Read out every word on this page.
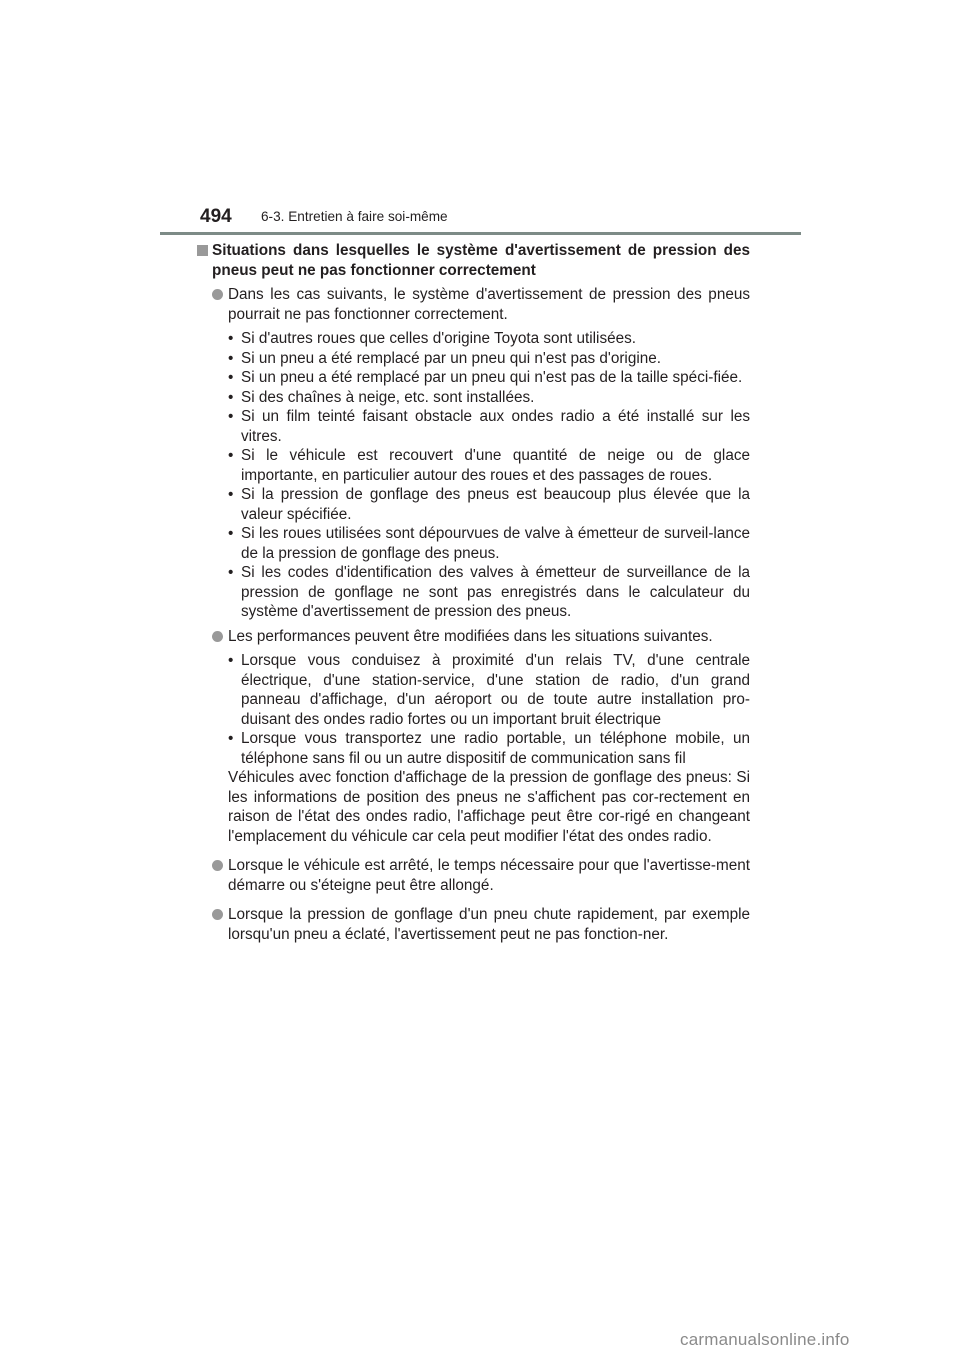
494 6-3. Entretien à faire soi-même
Situations dans lesquelles le système d'avertissement de pression des pneus peut ne pas fonctionner correctement

Dans les cas suivants, le système d'avertissement de pression des pneus pourrait ne pas fonctionner correctement.

• Si d'autres roues que celles d'origine Toyota sont utilisées.
• Si un pneu a été remplacé par un pneu qui n'est pas d'origine.
• Si un pneu a été remplacé par un pneu qui n'est pas de la taille spéci-fiée.
• Si des chaînes à neige, etc. sont installées.
• Si un film teinté faisant obstacle aux ondes radio a été installé sur les vitres.
• Si le véhicule est recouvert d'une quantité de neige ou de glace importante, en particulier autour des roues et des passages de roues.
• Si la pression de gonflage des pneus est beaucoup plus élevée que la valeur spécifiée.
• Si les roues utilisées sont dépourvues de valve à émetteur de surveil-lance de la pression de gonflage des pneus.
• Si les codes d'identification des valves à émetteur de surveillance de la pression de gonflage ne sont pas enregistrés dans le calculateur du système d'avertissement de pression des pneus.

Les performances peuvent être modifiées dans les situations suivantes.

• Lorsque vous conduisez à proximité d'un relais TV, d'une centrale électrique, d'une station-service, d'une station de radio, d'un grand panneau d'affichage, d'un aéroport ou de toute autre installation pro-duisant des ondes radio fortes ou un important bruit électrique
• Lorsque vous transportez une radio portable, un téléphone mobile, un téléphone sans fil ou un autre dispositif de communication sans fil

Véhicules avec fonction d'affichage de la pression de gonflage des pneus: Si les informations de position des pneus ne s'affichent pas cor-rectement en raison de l'état des ondes radio, l'affichage peut être cor-rigé en changeant l'emplacement du véhicule car cela peut modifier l'état des ondes radio.

Lorsque le véhicule est arrêté, le temps nécessaire pour que l'avertisse-ment démarre ou s'éteigne peut être allongé.

Lorsque la pression de gonflage d'un pneu chute rapidement, par exemple lorsqu'un pneu a éclaté, l'avertissement peut ne pas fonction-ner.

carmanualsonline.info
